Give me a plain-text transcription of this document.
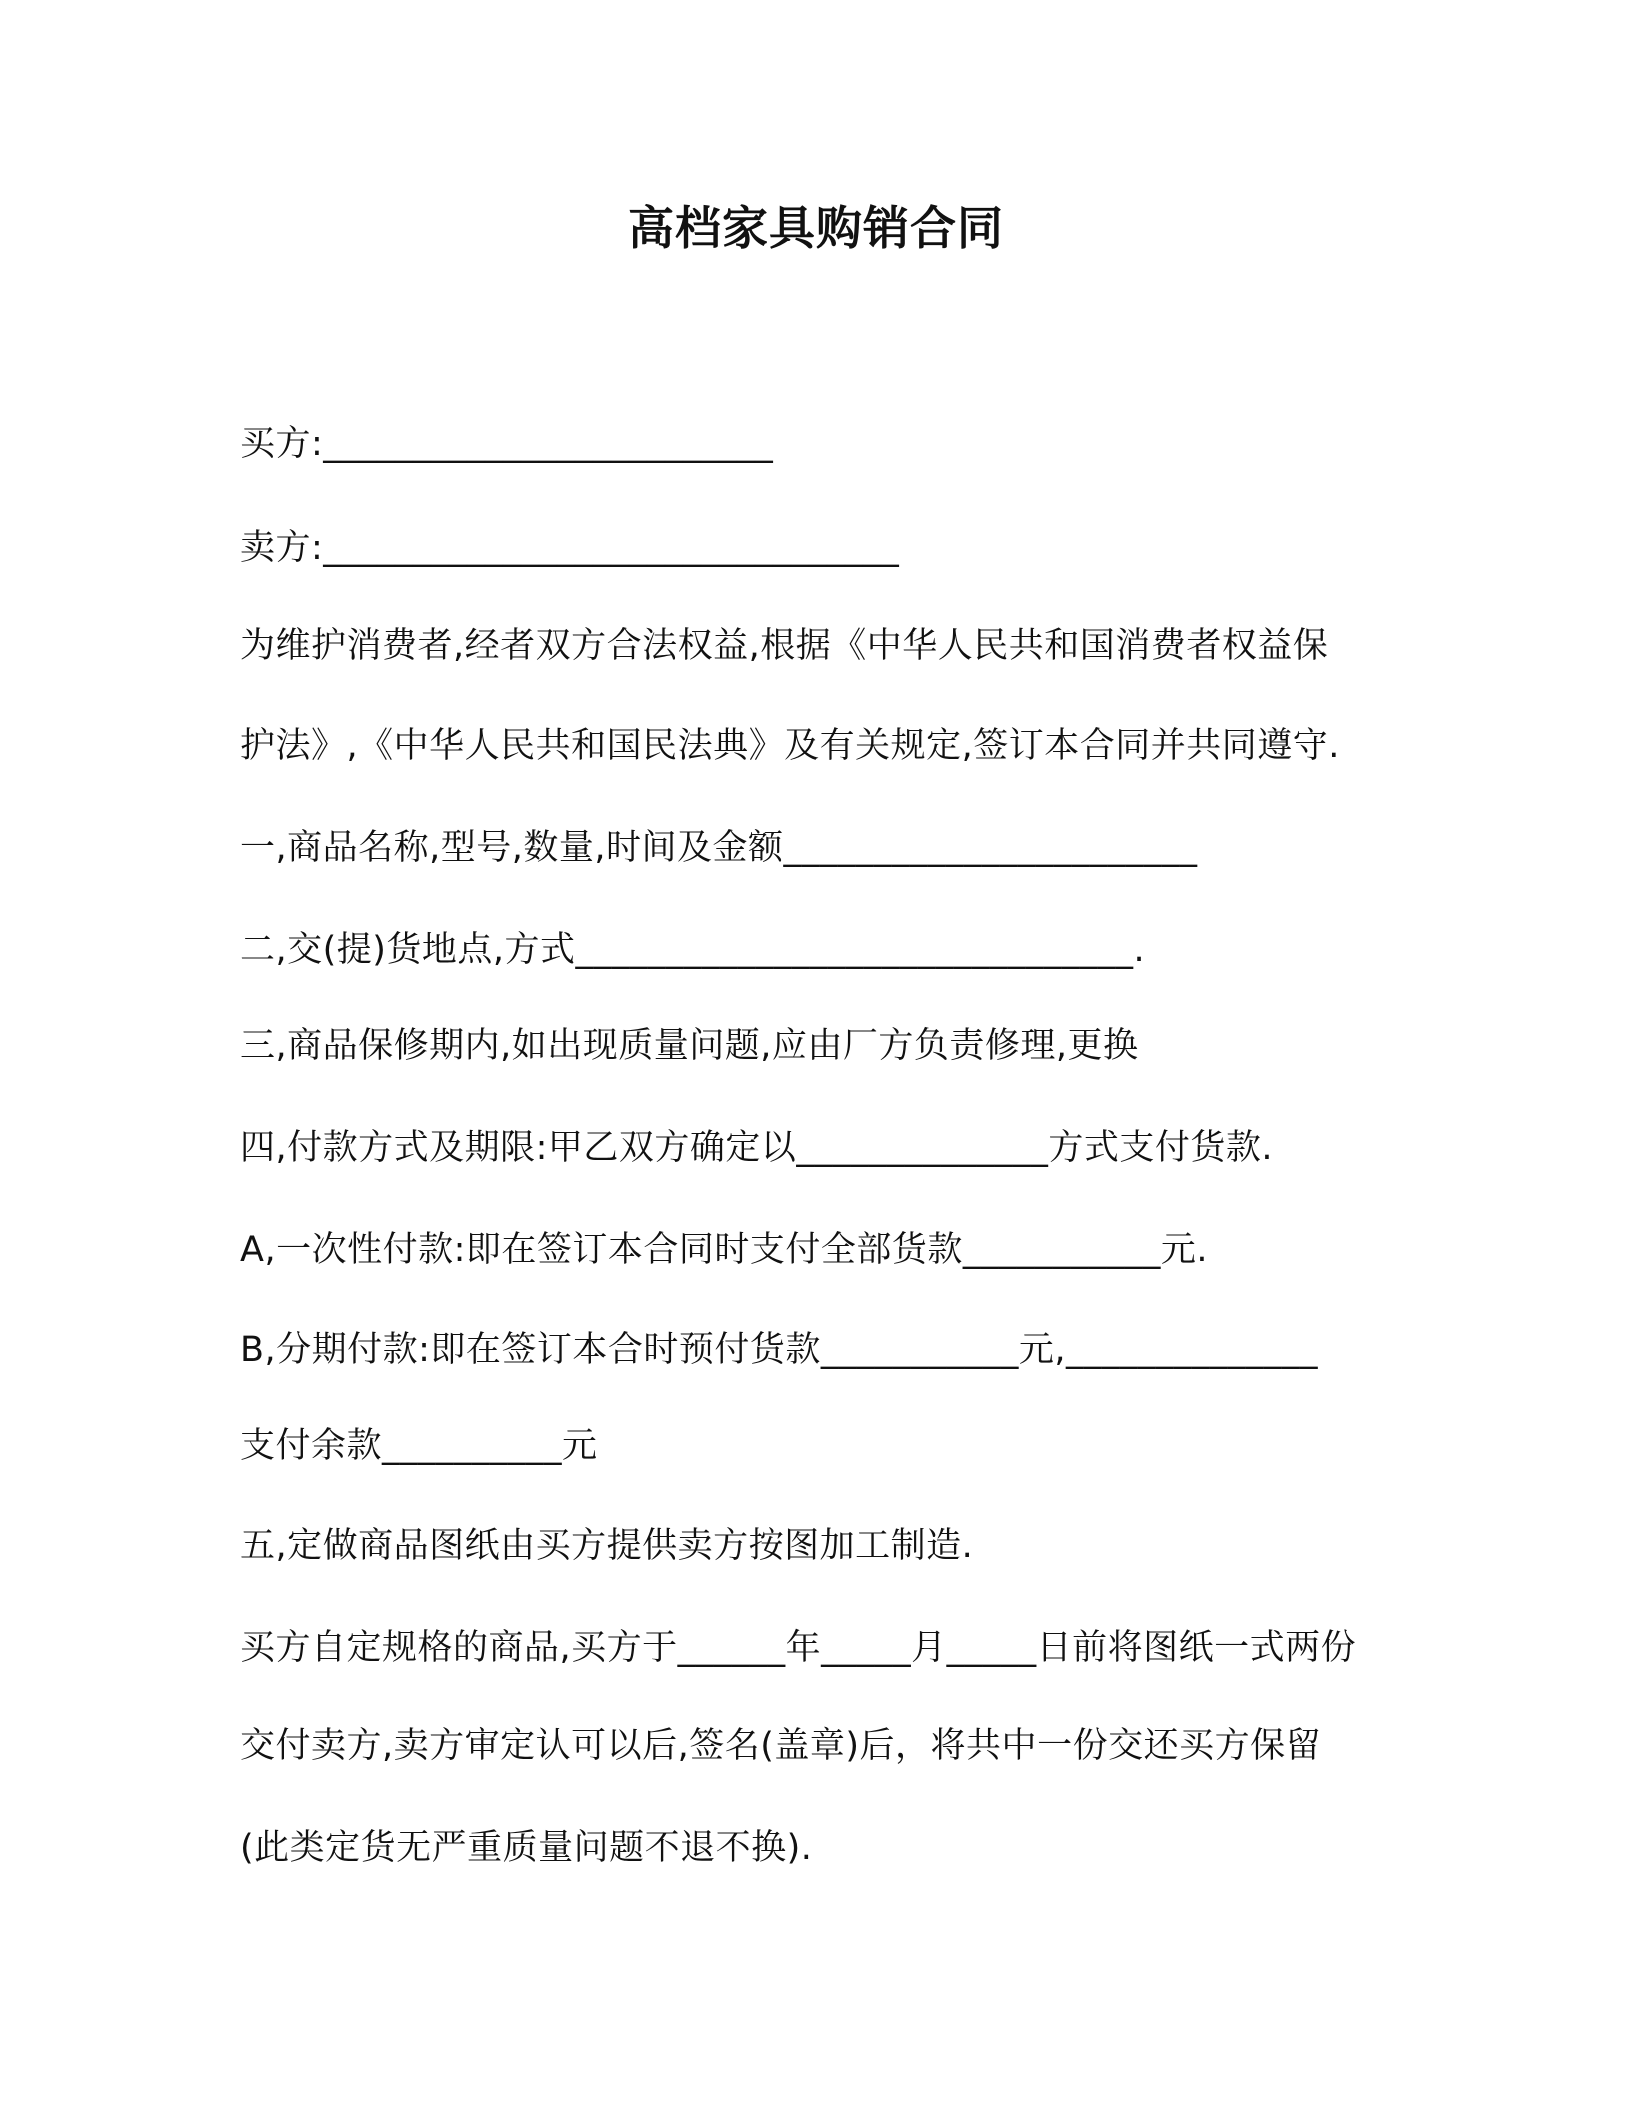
高档家具购销合同
买方:_________________________
卖方:________________________________
为维护消费者,经者双方合法权益,根据《中华人民共和国消费者权益保
护法》,《中华人民共和国民法典》及有关规定,签订本合同并共同遵守.
一,商品名称,型号,数量,时间及金额_______________________
二,交(提)货地点,方式_______________________________.
三,商品保修期内,如出现质量问题,应由厂方负责修理,更换
四,付款方式及期限:甲乙双方确定以______________方式支付货款.
A,一次性付款:即在签订本合同时支付全部货款___________元.
B,分期付款:即在签订本合时预付货款___________元,______________
支付余款__________元
五,定做商品图纸由买方提供卖方按图加工制造.
买方自定规格的商品,买方于______年_____月_____日前将图纸一式两份
交付卖方,卖方审定认可以后,签名(盖章)后，将共中一份交还买方保留
(此类定货无严重质量问题不退不换).
